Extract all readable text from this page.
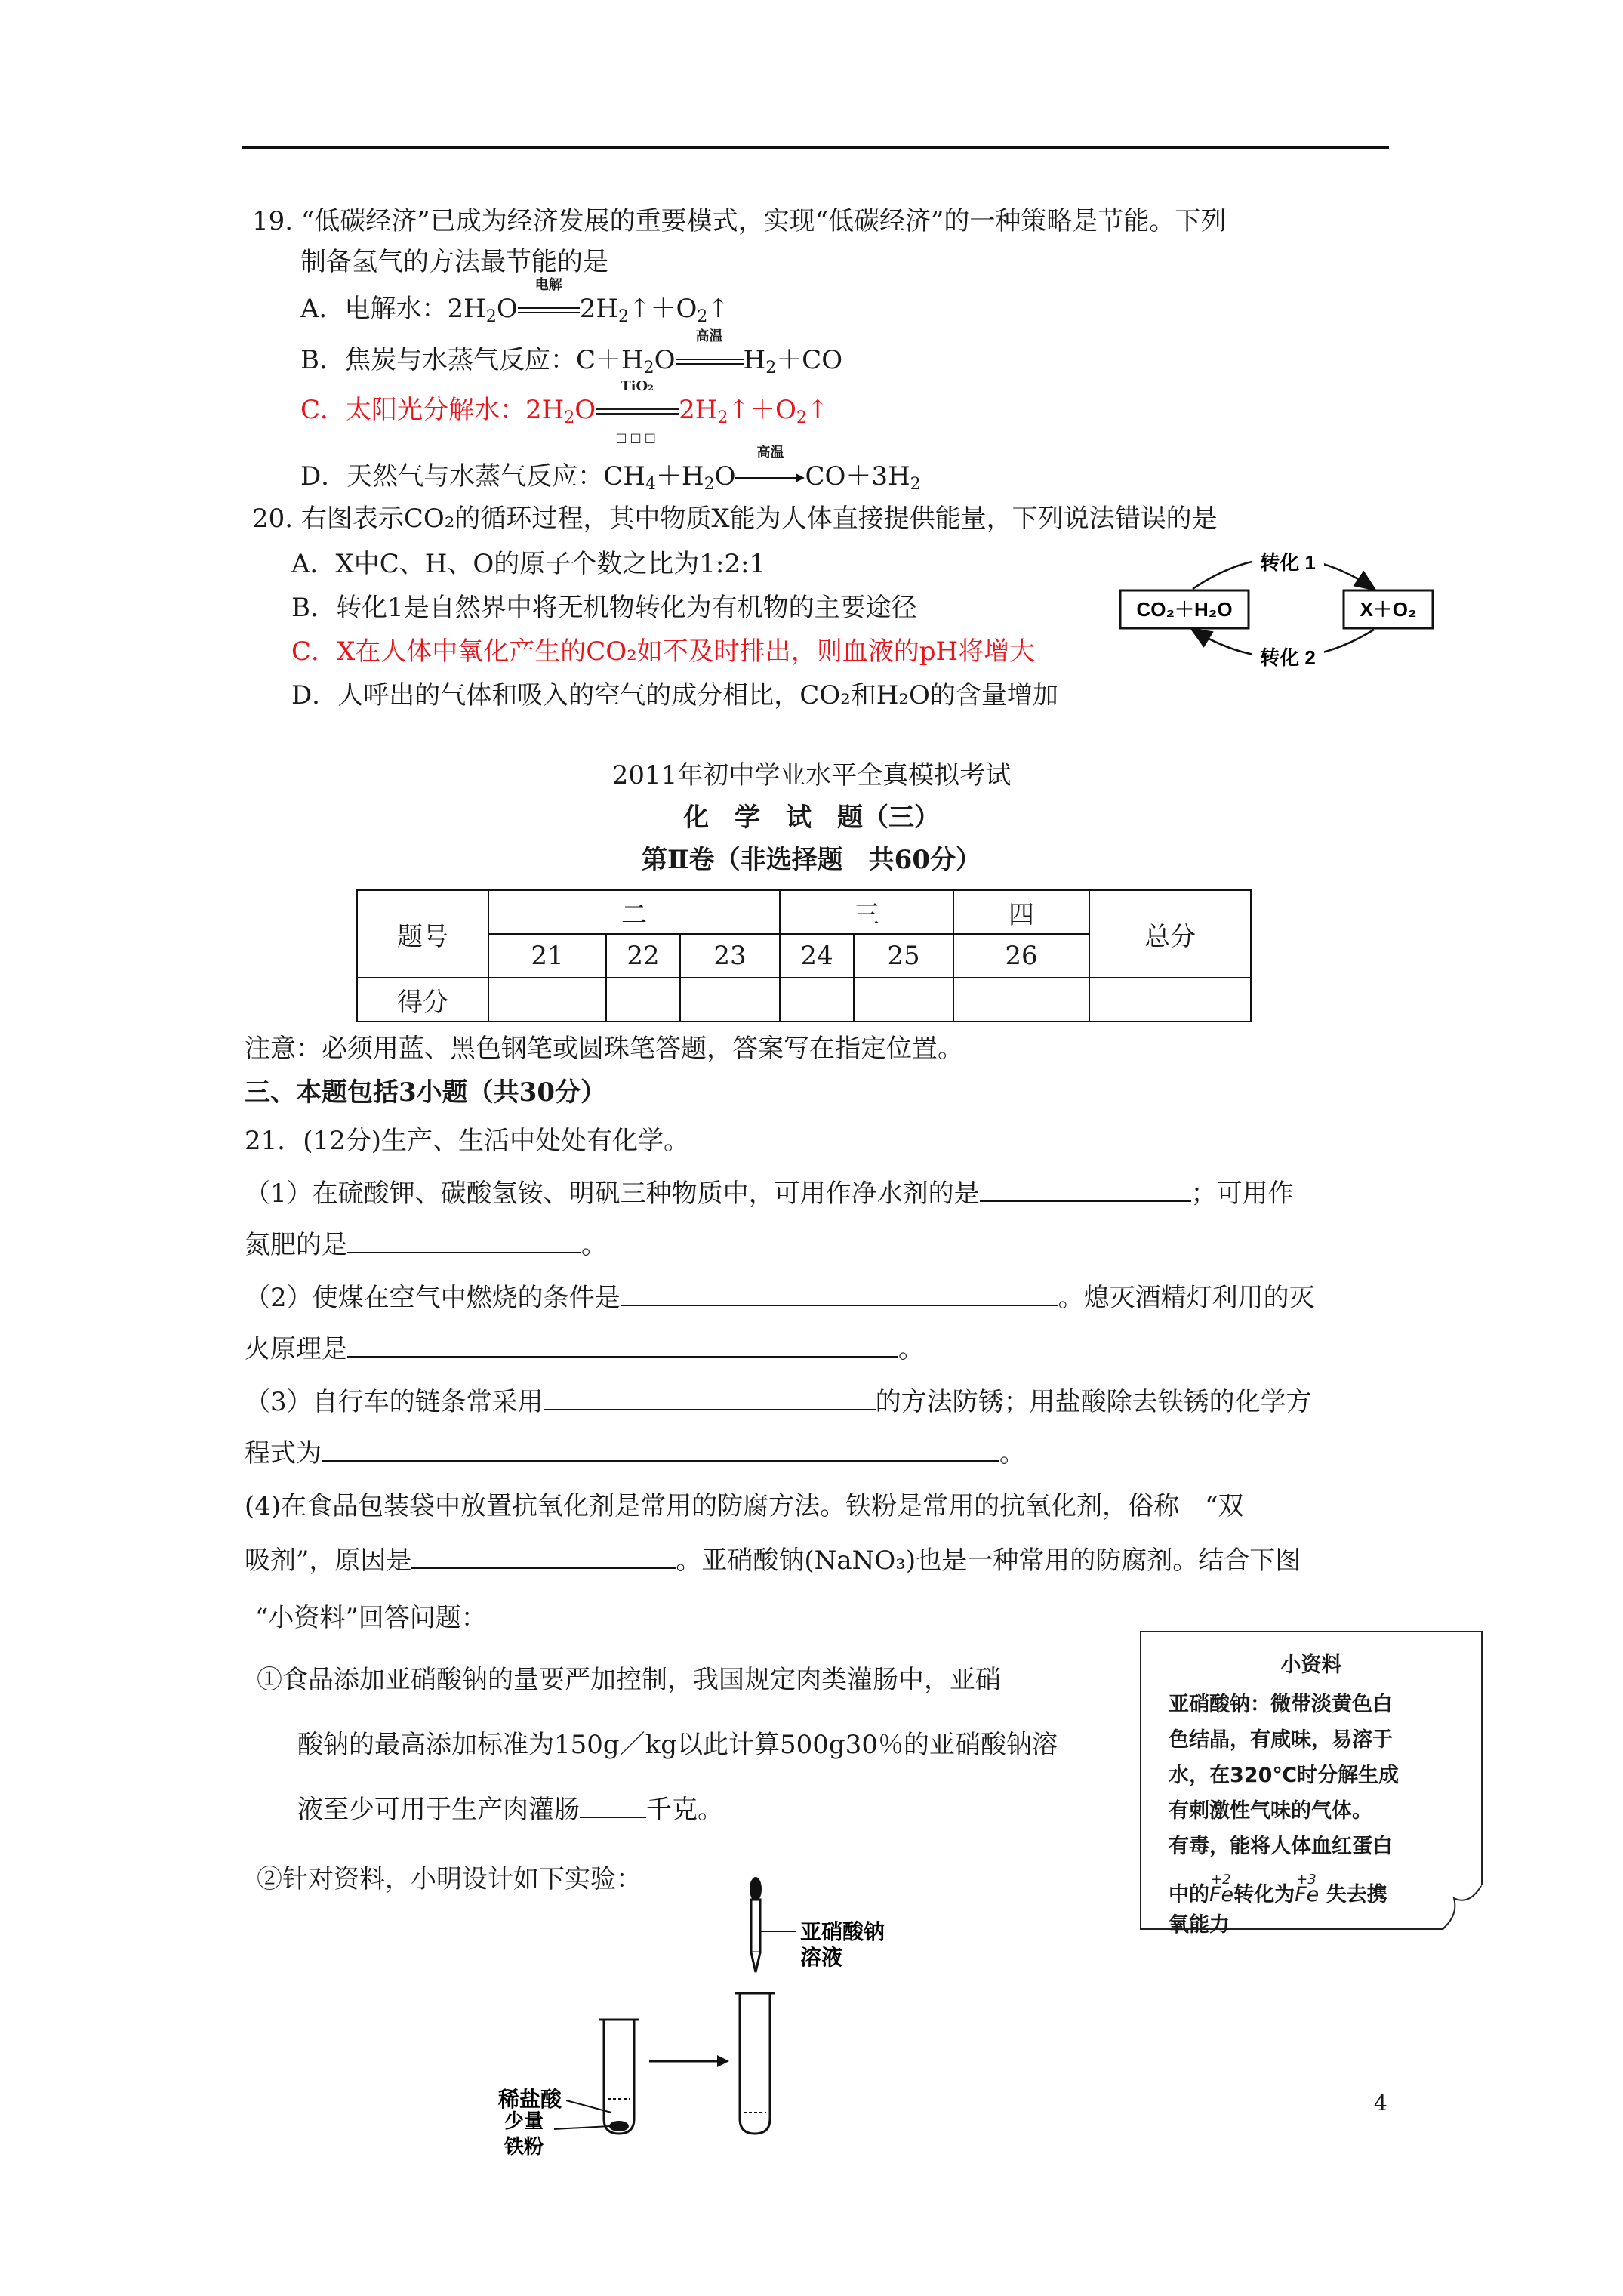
19. “低碳经济”已成为经济发展的重要模式，实现“低碳经济”的一种策略是节能。下列
制备氢气的方法最节能的是
A．电解水：$2H_2O$
电解
$2H_2↑+O_2↑$
B．焦炭与水蒸气反应：$C+H_2O$
高温
$H_2+CO$
C．太阳光分解水：$2H_2O$
TiO₂
□□□
$2H_2↑+O_2↑$
D．天然气与水蒸气反应：$CH_4+H_2O$
高温
$CO+3H_2$
20. 右图表示CO₂的循环过程，其中物质X能为人体直接提供能量，下列说法错误的是
A．X中C、H、O的原子个数之比为1:2:1
B．转化1是自然界中将无机物转化为有机物的主要途径
C．X在人体中氧化产生的CO₂如不及时排出，则血液的pH将增大
D．人呼出的气体和吸入的空气的成分相比，CO₂和H₂O的含量增加
CO₂＋H₂O	X＋O₂
转化 1
转化 2
2011年初中学业水平全真模拟考试
化　学　试　题（三）
第Ⅱ卷（非选择题　共60分）
题号	二			三		四	总分
	21	22	23	24	25	26	
得分							
注意：必须用蓝、黑色钢笔或圆珠笔答题，答案写在指定位置。
三、本题包括3小题（共30分）
21．(12分)生产、生活中处处有化学。
（1）在硫酸钾、碳酸氢铵、明矾三种物质中，可用作净水剂的是	；可用作
氮肥的是	。
（2）使煤在空气中燃烧的条件是	。熄灭酒精灯利用的灭
火原理是	。
（3）自行车的链条常采用	的方法防锈；用盐酸除去铁锈的化学方
程式为	。
(4)在食品包装袋中放置抗氧化剂是常用的防腐方法。铁粉是常用的抗氧化剂，俗称　“双
吸剂”，原因是	。亚硝酸钠(NaNO₃)也是一种常用的防腐剂。结合下图
“小资料”回答问题：
①食品添加亚硝酸钠的量要严加控制，我国规定肉类灌肠中，亚硝
酸钠的最高添加标准为150g／kg以此计算500g30％的亚硝酸钠溶
液至少可用于生产肉灌肠	千克。
②针对资料，小明设计如下实验：
小资料
亚硝酸钠：微带淡黄色白
色结晶，有咸味，易溶于
水，在320℃时分解生成
有刺激性气味的气体。
有毒，能将人体血红蛋白
中的
+2
Fe转化为
+3
Fe 失去携
氧能力
亚硝酸钠
溶液
稀盐酸
少量
铁粉
4
